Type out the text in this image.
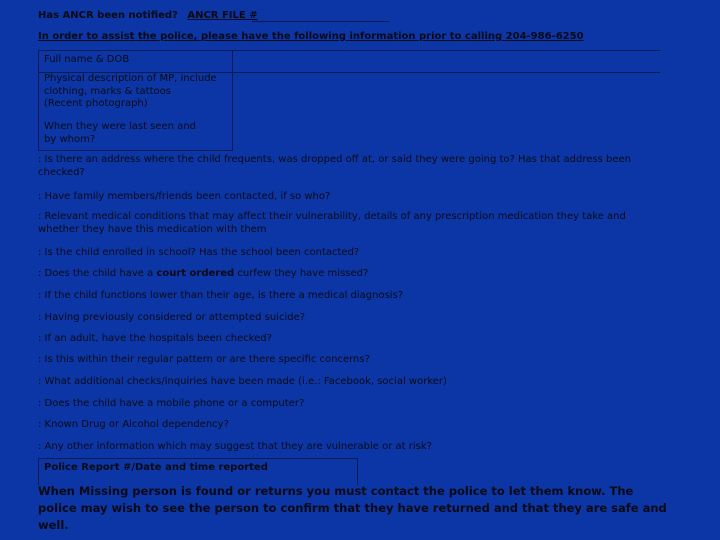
Has ANCR been notified? ANCR FILE #
In order to assist the police, please have the following information prior to calling 204-986-6250
Full name & DOB
Physical description of MP, include
clothing, marks & tattoos
(Recent photograph)
When they were last seen and
by whom?
: Is there an address where the child frequents, was dropped off at, or said they were going to? Has that address been checked?
: Have family members/friends been contacted, if so who?
: Relevant medical conditions that may affect their vulnerability, details of any prescription medication they take and whether they have this medication with them
: Is the child enrolled in school? Has the school been contacted?
: Does the child have a court ordered curfew they have missed?
: If the child functions lower than their age, is there a medical diagnosis?
: Having previously considered or attempted suicide?
: If an adult, have the hospitals been checked?
: Is this within their regular pattern or are there specific concerns?
: What additional checks/inquiries have been made (i.e.: Facebook, social worker)
: Does the child have a mobile phone or a computer?
: Known Drug or Alcohol dependency?
: Any other information which may suggest that they are vulnerable or at risk?
Police Report #/Date and time reported
When Missing person is found or returns you must contact the police to let them know. The police may wish to see the person to confirm that they have returned and that they are safe and well.
